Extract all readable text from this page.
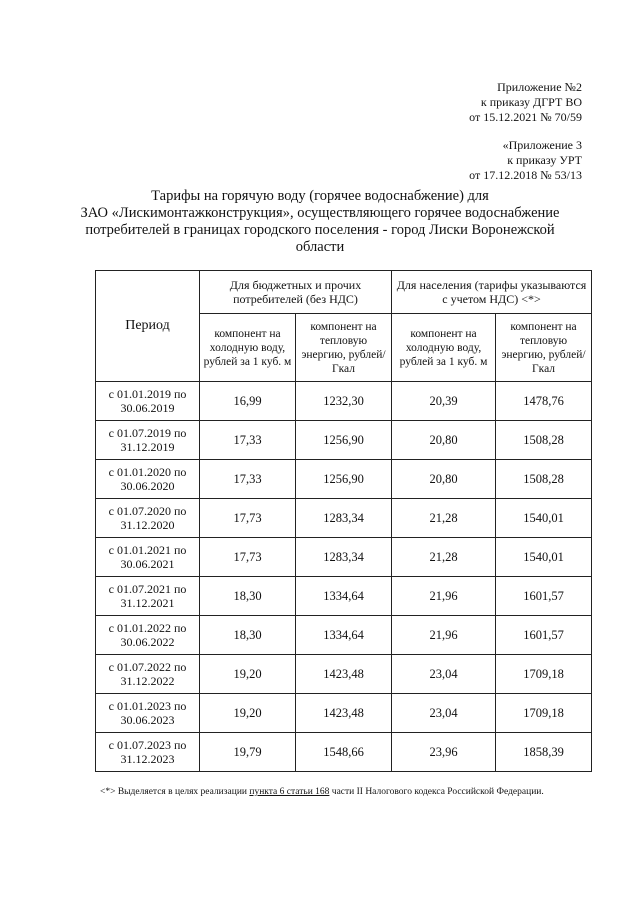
Приложение №2
к приказу ДГРТ ВО
от 15.12.2021 № 70/59
«Приложение 3
к приказу УРТ
от 17.12.2018 № 53/13
Тарифы на горячую воду (горячее водоснабжение) для
ЗАО «Лискимонтажконструкция», осуществляющего горячее водоснабжение
потребителей в границах городского поселения - город Лиски Воронежской
области
Период	Для бюджетных и прочих потребителей (без НДС)		Для населения (тарифы указываются с учетом НДС) <*>	
	компонент на холодную воду, рублей за 1 куб. м	компонент на тепловую энергию, рублей/Гкал	компонент на холодную воду, рублей за 1 куб. м	компонент на тепловую энергию, рублей/Гкал
с 01.01.2019 по 30.06.2019	16,99	1232,30	20,39	1478,76
с 01.07.2019 по 31.12.2019	17,33	1256,90	20,80	1508,28
с 01.01.2020 по 30.06.2020	17,33	1256,90	20,80	1508,28
с 01.07.2020 по 31.12.2020	17,73	1283,34	21,28	1540,01
с 01.01.2021 по 30.06.2021	17,73	1283,34	21,28	1540,01
с 01.07.2021 по 31.12.2021	18,30	1334,64	21,96	1601,57
с 01.01.2022 по 30.06.2022	18,30	1334,64	21,96	1601,57
с 01.07.2022 по 31.12.2022	19,20	1423,48	23,04	1709,18
с 01.01.2023 по 30.06.2023	19,20	1423,48	23,04	1709,18
с 01.07.2023 по 31.12.2023	19,79	1548,66	23,96	1858,39
<*> Выделяется в целях реализации пункта 6 статьи 168 части II Налогового кодекса Российской Федерации.
